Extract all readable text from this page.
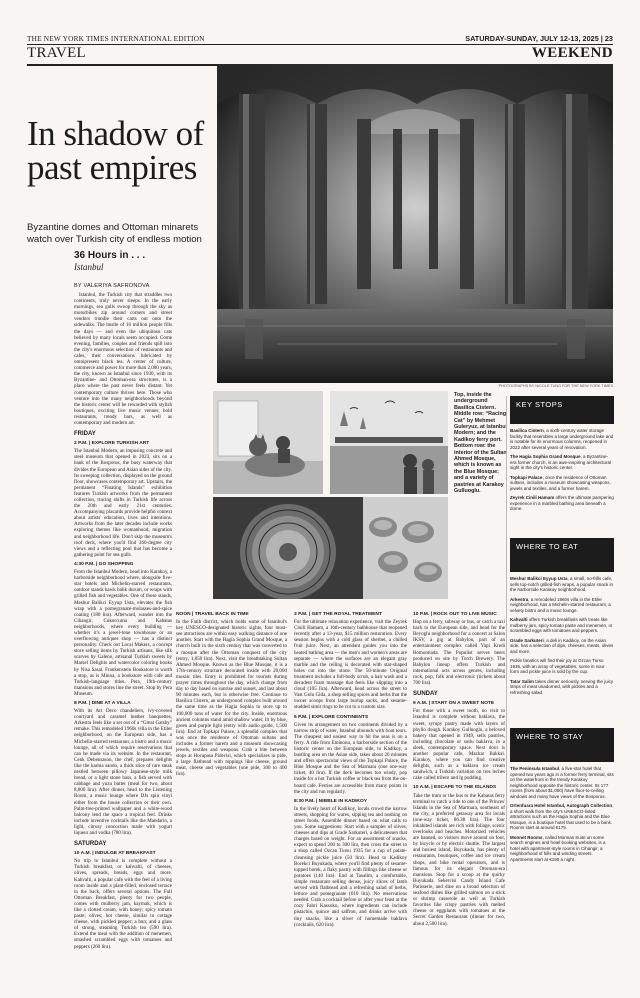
THE NEW YORK TIMES INTERNATIONAL EDITION	SATURDAY-SUNDAY, JULY 12-13, 2025 | 23
TRAVEL	WEEKEND
In shadow of past empires
Byzantine domes and Ottoman minarets watch over Turkish city of endless motion
36 Hours in . . .
Istanbul
BY VALERIYA SAFRONOVA
PHOTOGRAPHS BY NICOLE TUNG FOR THE NEW YORK TIMES
Top, inside the underground Basilica Cistern. Middle row: “Racing Cat” by Mehmet Guleryuz, at Istanbul Modern; and the Kadikoy ferry port. Bottom row: the interior of the Sultan Ahmed Mosque, which is known as the Blue Mosque; and a variety of pastries at Karakoy Gulluoglu.

Istanbul, the Turkish city that straddles two continents, truly never sleeps. In the early mornings, sea gulls swoop through the sky as motorbikes zip around corners and street vendors trundle their carts out onto the sidewalks. The bustle of 16 million people fills the days — and even the ubiquitous cats believed by many locals seem occupied. Come evening, families, couples and friends spill into the city's enormous selection of restaurants and cafes, their conversations lubricated by omnipresent black tea. A center of culture, commerce and power for more than 2,000 years, the city, known as Istanbul since 1930, with its Byzantine- and Ottoman-era structures, is a place where the past never feels distant. Yet contemporary culture thrives here. Those who venture into the many neighborhoods beyond the historic center will be rewarded with stylish boutiques, exciting live music venues, bold restaurants, trendy bars, as well as contemporary and modern art.

FRIDAY
2 P.M. | EXPLORE TURKISH ART

The Istanbul Modern, an imposing concrete and steel museum that opened in 2023, sits on a bank of the Bosporus, the busy waterway that divides the European and Asian sides of the city. Its sweeping collection, displayed on the ground floor, showcases contemporary art. Upstairs, the permanent “Floating Islands” exhibition features Turkish artworks from the permanent collection, tracing shifts in Turkish life across the 20th and early 21st centuries. Accompanying placards provide helpful context about artists' education, lives and intentions. Artworks from the later decades include works exploring themes like womanhood, migration and neighborhood life. Don't skip the museum's roof deck, where you'll find 360-degree city views and a reflecting pool that has become a gathering point for sea gulls.

4:30 P.M. | GO SHOPPING

From the Istanbul Modern, head into Karakoy, a harborside neighborhood where, alongside five-star hotels and Michelin-starred restaurants, outdoor stands hawk balik durum, or wraps with grilled fish and vegetables. One of those stands, Meshur Balikci Eyyup Usta, elevates the fish wrap with a pomegranate-molasses-and-spice coating (180 lira). Afterward, wander into the Cihangir, Cukurcuma and Kabatas neighborhoods, where every building — whether it's a jewel-tone townhouse or an overflowing antiques shop — has a distinct personality. Check out Local Makers, a concept store selling items by Turkish artisans, like silk scarves by Galeno, artisanal Turkish sweets by Marsel Delights and watercolor coloring books by Nisa Sasal. Frankenstein Bookstore is worth a stop, as is Minoa, a bookstore with cafe and Turkish-language titles. Pera, 19th-century mansions and stores line the street. Stop by Pera Museum.

8 P.M. | DINE AT A VILLA

With its Art Deco chandeliers, ivy-covered courtyard and caramel leather banquettes, Arkestra feels like a set out of a “Great Gatsby” remake. This remodeled 1960s villa in the Etiler neighborhood, on the European side, has a Michelin-starred restaurant, a bistro and a music lounge, all of which require reservations that can be made via its website. In the restaurant, Cenk Debensason, the chef, prepares delights like the karma sando, a thick slice of rare steak nestled between pillowy Japanese-style milk bread, or a light stone bass, a fish served with cabbage and yuzu butter (meal for two, about 8,000 lira). After dinner, head to the Listening Room, a music lounge where DJs spin vinyl either from the house collection or their own. Palm-tree-printed wallpaper and a white-wood balcony lend the space a tropical feel. Drinks include inventive cocktails like the Mandarin, a light, citrusy concoction made with yogurt liqueur and vodka (780 lira).

SATURDAY
10 A.M. | INDULGE AT BREAKFAST

No trip to Istanbul is complete without a Turkish breakfast, or kahvalti, of cheeses, olives, spreads, breads, eggs and more. Kahvalti, a popular cafe with the feel of a living room inside and a plant-filled, enclosed terrace in the back, offers several options. The Full Ottoman Breakfast, plenty for two people, comes with mulberry jam, kaymak, which is like a clotted cream, with honey; spicy tomato paste; olives; hot cheese, similar to cottage cheese, with pickled pepper; a bun; and a glass of strong, steaming Turkish tea (590 lira). Extend the meal with the addition of menemen, smashed scrambled eggs with tomatoes and peppers (260 lira).

NOON | TRAVEL BACK IN TIME

In the Fatih district, which holds some of Istanbul's key UNESCO-designated historic sights, four must-see attractions are within easy walking distance of one another. Start with the Hagia Sophia Grand Mosque, a church built in the sixth century that was converted to a mosque after the Ottoman conquest of the city (entry, 1,850 lira). Next, visit the breathtaking Sultan Ahmed Mosque. Known as the Blue Mosque, it is a 17th-century structure decorated inside with 20,000 mosaic tiles. Entry is prohibited for tourists during prayer times throughout the day, which change from day to day based on sunrise and sunset, and last about 90 minutes each, but is otherwise free. Continue to Basilica Cistern, an underground complex built around the same time as the Hagia Sophia to store up to 100,000 tons of water for the city. Inside, enormous ancient columns stand amid shallow water, lit by blue, green and purple light (entry with audio guide, 1,500 lira). End at Topkapi Palace, a splendid complex that was once the residence of Ottoman sultans and includes a former harem and a museum showcasing jewels, textiles and weapons. Grab a bite between stops at Hocapasa Pidecisi, which specializes in pide, a large flatbread with toppings like cheese, ground meat, cheese and vegetables (one pide, 300 to 400 lira).

3 P.M. | GET THE ROYAL TREATMENT

For the ultimate relaxation experience, visit the Zeyrek Cinili Hamam, a 16th-century bathhouse that reopened recently after a 13-year, $15 million restoration. Every session begins with a cold glass of sherbet, a chilled fruit juice. Next, an attendant guides you into the heated bathing area — the men's and women's areas are separate — where the surfaces are an elegant gray marble and the ceiling is decorated with star-shaped holes cut into the stone. The 50-minute Original treatment includes a full-body scrub, a hair wash and a decadent foam massage that feels like slipping into a cloud (105 lira). Afterward, head across the street to Vast Golu Gida, a shop selling spices and herbs that the owner scoops from large burlap sacks, and sesame-studded simit rings to be cut to a custom size.

6 P.M. | EXPLORE CONTINENTS

Given its arrangement on two continents divided by a narrow strip of water, Istanbul abounds with boat tours. The cheapest and easiest way to hit the seas is on a ferry. A ride from Eminonu, a harborside section of the historic center on the European side, to Kadikoy, a bustling area on the Asian side, takes about 20 minutes and offers spectacular views of the Topkapi Palace, the Blue Mosque and the Sea of Marmara (one one-way ticket, 40 lira). If the deck becomes too windy, pop inside for a hot Turkish coffee or black tea from the on-board cafe. Ferries are accessible from many points in the city and run regularly.

8:30 P.M. | NIBBLE IN KADIKOY

In the lively heart of Kadikoy, locals crowd the narrow streets, shopping for wares, sipping tea and noshing on street foods. Assemble dinner based on what calls to you. Some suggestions: Start with a sampler of olives, cheeses and dips at Grade Sarkuteri, a delicatessen that charges based on weight. For an assortment of snacks, expect to spend 200 to 300 lira, then cross the street to a shop called Ozcan Tursu 1935 for a cup of palate-cleansing pickle juice (50 lira). Head to Kadikoy Borekci Buyukada, where you'll find plenty of sesame-topped borek, a flaky pastry with fillings like cheese or potatoes (140 lira). End at Tasalim, a comfortable, simple restaurant selling dense, juicy slices of lamb served with flatbread and a refreshing salad of herbs, lettuce and pomegranate (610 lira). No reservations needed. Grab a cocktail before or after your feast at the cozy Fabri Kassoko, where ingredients can include pistachio, quince and saffron, and drinks arrive with tiny snacks, like a sliver of homemade baklava (cocktails, 620 lira).

10 P.M. | ROCK OUT TO LIVE MUSIC

Hop on a ferry, subway or bus, or catch a taxi back to the European side, and head for the Beyoglu neighborhood for a concert at Salon IKSV, a gig at Babylon, part of an entertainment complex called Yapi Kredi Bomontiada. The Populist serves beers produced on site by Torch Brewery. The Babylon lineup offers Turkish and international acts across genres, including rock, pop, folk and electronic (tickets about 700 lira).

SUNDAY
9 A.M. | START ON A SWEET NOTE

For those with a sweet tooth, no visit to Istanbul is complete without baklava, the sweet, syrupy pastry made with layers of phyllo dough. Karakoy Gulluoglu, a beloved bakery that opened in 1949, sells pastries, including chocolate or sutlu baklava, in a sleek, contemporary space. Next door is another popular cafe, Mazhar Bakkal. Karakoy, where you can find creative delights, such as a baklava ice cream sandwich, a Turkish variation on tres leches cake called trilece and lg pudding.

10 A.M. | ESCAPE TO THE ISLANDS

Take the tram or the bus to the Kabatas ferry terminal to catch a ride to one of the Princes' Islands in the Sea of Marmara, southeast of the city, a preferred getaway area for locals (one-way ticket, 86.38 lira). The four inhabited islands are rich with foliage, scenic overlooks and beaches. Motorized vehicles are banned, so visitors move around on foot, by bicycle or by electric shuttle. The largest and busiest island, Buyukada, has plenty of restaurants, boutiques, coffee and ice cream shops, and bike rental operators, and is famous for its elegant Ottoman-era mansions. Stop for a scoop at the quirky Buyukada Sekercisi Candy Island Cafe Patisserie, and dine on a broad selection of seafood dishes like grilled salmon on a stick or shrimp casserole as well as Turkish favorites like crispy pastries with melted cheese or eggplants with tomatoes at the Secret Garden Restaurant (dinner for two, about 2,500 lira).

KEY STOPS
Basilica Cistern, a sixth-century water storage facility that resembles a large underground lake and is notable for its enormous columns, reopened in 2022 after several years of renovation.
The Hagia Sophia Grand Mosque, a Byzantine-era former church, is an awe-inspiring architectural sight in the city's historic center.
Topkapi Palace, once the residence of Ottoman sultans, includes a museum showcasing weapons, jewels and textiles, and a former harem.
Zeyrek Cinili Hamam offers the ultimate pampering experience in a marbled bathing area beneath a dome.
WHERE TO EAT
Meshur Balikci Eyyup Usta, a small, no-frills cafe, sells top-notch grilled-fish wraps, a popular snack in the harborside Karakoy neighborhood.
Arkestra, a remodeled 1960s villa in the Etiler neighborhood, has a Michelin-starred restaurant, a velvety bistro and a music lounge.
Kahvalti offers Turkish breakfasts with treats like mulberry jam, spicy tomato paste and menemen, or scrambled eggs with tomatoes and peppers.
Grade Sarkuteri, a deli in Kadikoy, on the Asian side, has a selection of dips, cheeses, meats, olives and more.
Pickle fanatics will find their joy at Ozcan Tursu 1935, with an array of vegetables, some in sour form and pickle juice is sold by the cup.
Tatar Salim takes dinner seriously, serving the juicy strips of meat unadorned, with pickles and a refreshing salad.
WHERE TO STAY
The Peninsula Istanbul, a five-star hotel that opened two years ago in a former ferry terminal, sits on the waterfront in the trendy Karakoy neighborhood opposite the historic center. Its 177 rooms (from about $1,000) have floor-to-ceiling windows and many have views of the Bosporus.
Ortenfuara Hotel Istanbul, Autograph Collection, a short walk from the city's UNESCO-listed attractions such as the Hagia Sophia and the Blue Mosque, is a boutique hotel that used to be a bank. Rooms start at around €175.
Monnet Rooms, called Monnas Suite on some search engines and hotel booking websites, is a hotel with apartment-style rooms in Cihangir, a neighborhood of hills and winding streets. Apartments start at €190 a night.
